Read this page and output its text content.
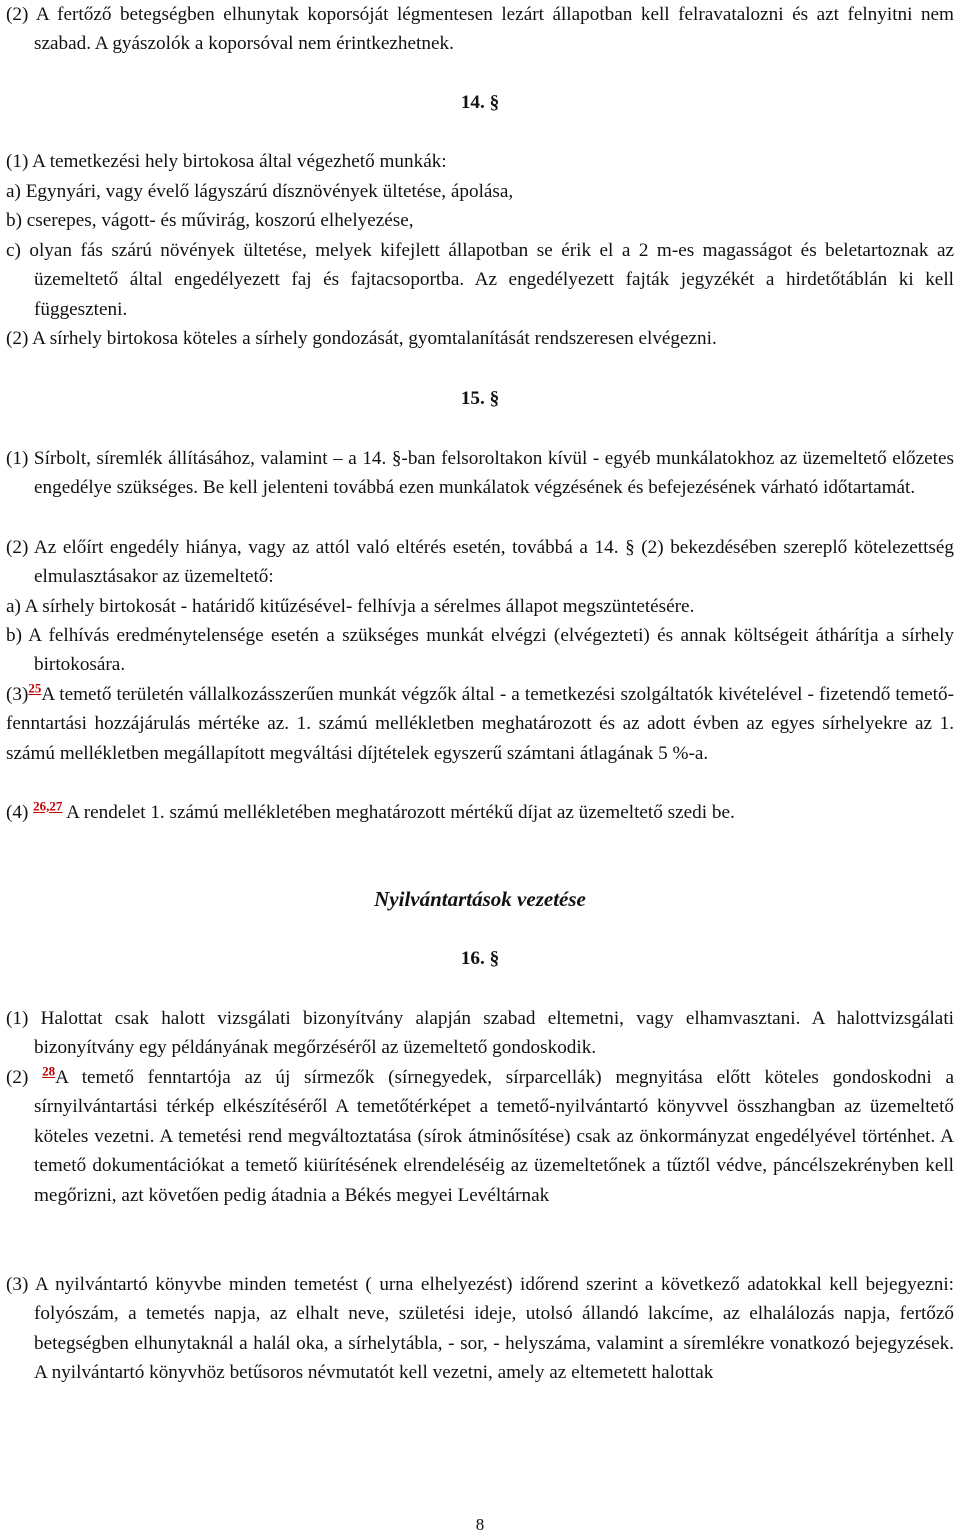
(2) A fertőző betegségben elhunytak koporsóját légmentesen lezárt állapotban kell felravatalozni és azt felnyitni nem szabad. A gyászolók a koporsóval nem érintkezhetnek.

14. §

(1) A temetkezési hely birtokosa által végezhető munkák:

a) Egynyári, vagy évelő lágyszárú dísznövények ültetése, ápolása,

b) cserepes, vágott- és művirág, koszorú elhelyezése,

c) olyan fás szárú növények ültetése, melyek kifejlett állapotban se érik el a 2 m-es magasságot és beletartoznak az üzemeltető által engedélyezett faj és fajtacsoportba. Az engedélyezett fajták jegyzékét a hirdetőtáblán ki kell függeszteni.

(2) A sírhely birtokosa köteles a sírhely gondozását, gyomtalanítását rendszeresen elvégezni.

15. §

(1) Sírbolt, síremlék állításához, valamint – a 14. §-ban felsoroltakon kívül - egyéb munkálatokhoz az üzemeltető előzetes engedélye szükséges. Be kell jelenteni továbbá ezen munkálatok végzésének és befejezésének várható időtartamát.

(2) Az előírt engedély hiánya, vagy az attól való eltérés esetén, továbbá a 14. § (2) bekezdésében szereplő kötelezettség elmulasztásakor az üzemeltető:

a) A sírhely birtokosát - határidő kitűzésével- felhívja a sérelmes állapot megszüntetésére.

b) A felhívás eredménytelensége esetén a szükséges munkát elvégzi (elvégezteti) és annak költségeit áthárítja a sírhely birtokosára.

$(3)^{25}A$ temető területén vállalkozásszerűen munkát végzők által - a temetkezési szolgáltatók kivételével - fizetendő temető-fenntartási hozzájárulás mértéke az. 1. számú mellékletben meghatározott és az adott évben az egyes sírhelyekre az 1. számú mellékletben megállapított megváltási díjtételek egyszerű számtani átlagának 5 %-a.

(4) $^{26,27}$ A rendelet 1. számú mellékletében meghatározott mértékű díjat az üzemeltető szedi be.

Nyilvántartások vezetése
16. §

(1) Halottat csak halott vizsgálati bizonyítvány alapján szabad eltemetni, vagy elhamvasztani. A halottvizsgálati bizonyítvány egy példányának megőrzéséről az üzemeltető gondoskodik.

(2) $^{28}$A temető fenntartója az új sírmezők (sírnegyedek, sírparcellák) megnyitása előtt köteles gondoskodni a sírnyilvántartási térkép elkészítéséről A temetőtérképet a temető-nyilvántartó könyvvel összhangban az üzemeltető köteles vezetni. A temetési rend megváltoztatása (sírok átminősítése) csak az önkormányzat engedélyével történhet. A temető dokumentációkat a temető kiürítésének elrendeléséig az üzemeltetőnek a tűztől védve, páncélszekrényben kell megőrizni, azt követően pedig átadnia a Békés megyei Levéltárnak

(3) A nyilvántartó könyvbe minden temetést ( urna elhelyezést) időrend szerint a következő adatokkal kell bejegyezni: folyószám, a temetés napja, az elhalt neve, születési ideje, utolsó állandó lakcíme, az elhalálozás napja, fertőző betegségben elhunytaknál a halál oka, a sírhelytábla, - sor, - helyszáma, valamint a síremlékre vonatkozó bejegyzések. A nyilvántartó könyvhöz betűsoros névmutatót kell vezetni, amely az eltemetett halottak

8
